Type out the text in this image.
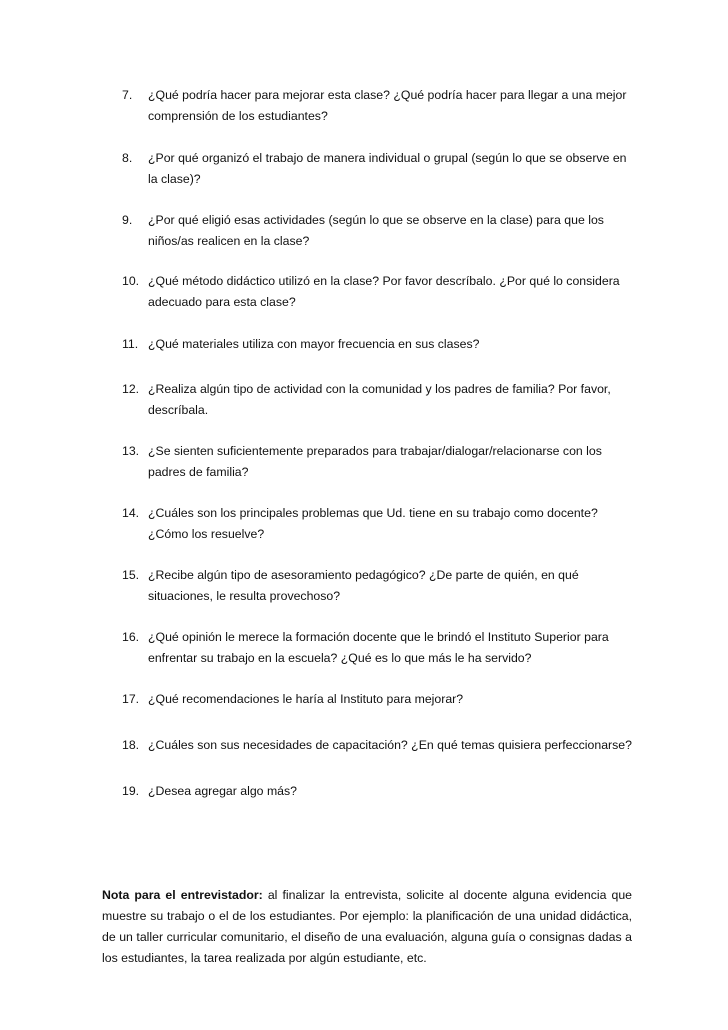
7.	¿Qué podría hacer para mejorar esta clase? ¿Qué podría hacer para llegar a una mejor comprensión de los estudiantes?
8.	¿Por qué organizó el trabajo de manera individual o grupal (según lo que se observe en la clase)?
9.	¿Por qué eligió esas actividades (según lo que se observe en la clase) para que los niños/as realicen en la clase?
10. ¿Qué método didáctico utilizó en la clase? Por favor descríbalo. ¿Por qué lo considera adecuado para esta clase?
11. ¿Qué materiales utiliza con mayor frecuencia en sus clases?
12. ¿Realiza algún tipo de actividad con la comunidad y los padres de familia? Por favor, descríbala.
13. ¿Se sienten suficientemente preparados para trabajar/dialogar/relacionarse con los padres de familia?
14. ¿Cuáles son los principales problemas que Ud. tiene en su trabajo como docente? ¿Cómo los resuelve?
15. ¿Recibe algún tipo de asesoramiento pedagógico? ¿De parte de quién, en qué situaciones, le resulta provechoso?
16. ¿Qué opinión le merece la formación docente que le brindó el Instituto Superior para enfrentar su trabajo en la escuela? ¿Qué es lo que más le ha servido?
17. ¿Qué recomendaciones le haría al Instituto para mejorar?
18. ¿Cuáles son sus necesidades de capacitación? ¿En qué temas quisiera perfeccionarse?
19. ¿Desea agregar algo más?

Nota para el entrevistador: al finalizar la entrevista, solicite al docente alguna evidencia que muestre su trabajo o el de los estudiantes. Por ejemplo: la planificación de una unidad didáctica, de un taller curricular comunitario, el diseño de una evaluación, alguna guía o consignas dadas a los estudiantes, la tarea realizada por algún estudiante, etc.
